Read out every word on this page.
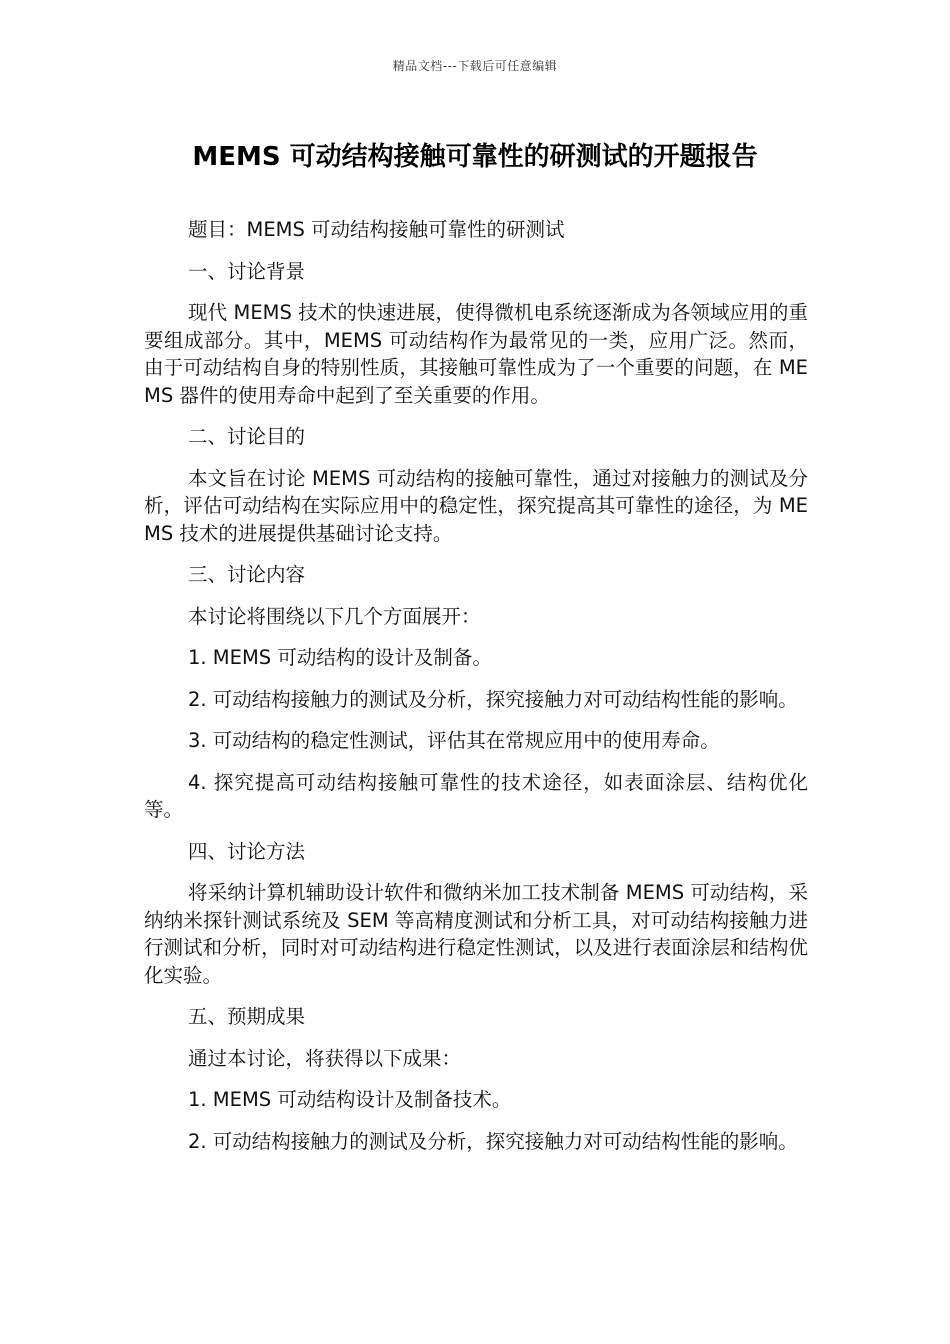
精品文档---下载后可任意编辑
MEMS 可动结构接触可靠性的研测试的开题报告

题目：MEMS 可动结构接触可靠性的研测试

一、讨论背景

现代 MEMS 技术的快速进展，使得微机电系统逐渐成为各领域应用的重要组成部分。其中，MEMS 可动结构作为最常见的一类，应用广泛。然而，由于可动结构自身的特别性质，其接触可靠性成为了一个重要的问题，在 MEMS 器件的使用寿命中起到了至关重要的作用。

二、讨论目的

本文旨在讨论 MEMS 可动结构的接触可靠性，通过对接触力的测试及分析，评估可动结构在实际应用中的稳定性，探究提高其可靠性的途径，为 MEMS 技术的进展提供基础讨论支持。

三、讨论内容

本讨论将围绕以下几个方面展开：

1. MEMS 可动结构的设计及制备。

2. 可动结构接触力的测试及分析，探究接触力对可动结构性能的影响。

3. 可动结构的稳定性测试，评估其在常规应用中的使用寿命。

4. 探究提高可动结构接触可靠性的技术途径，如表面涂层、结构优化等。

四、讨论方法

将采纳计算机辅助设计软件和微纳米加工技术制备 MEMS 可动结构，采纳纳米探针测试系统及 SEM 等高精度测试和分析工具，对可动结构接触力进行测试和分析，同时对可动结构进行稳定性测试，以及进行表面涂层和结构优化实验。

五、预期成果

通过本讨论，将获得以下成果：

1. MEMS 可动结构设计及制备技术。

2. 可动结构接触力的测试及分析，探究接触力对可动结构性能的影响。
